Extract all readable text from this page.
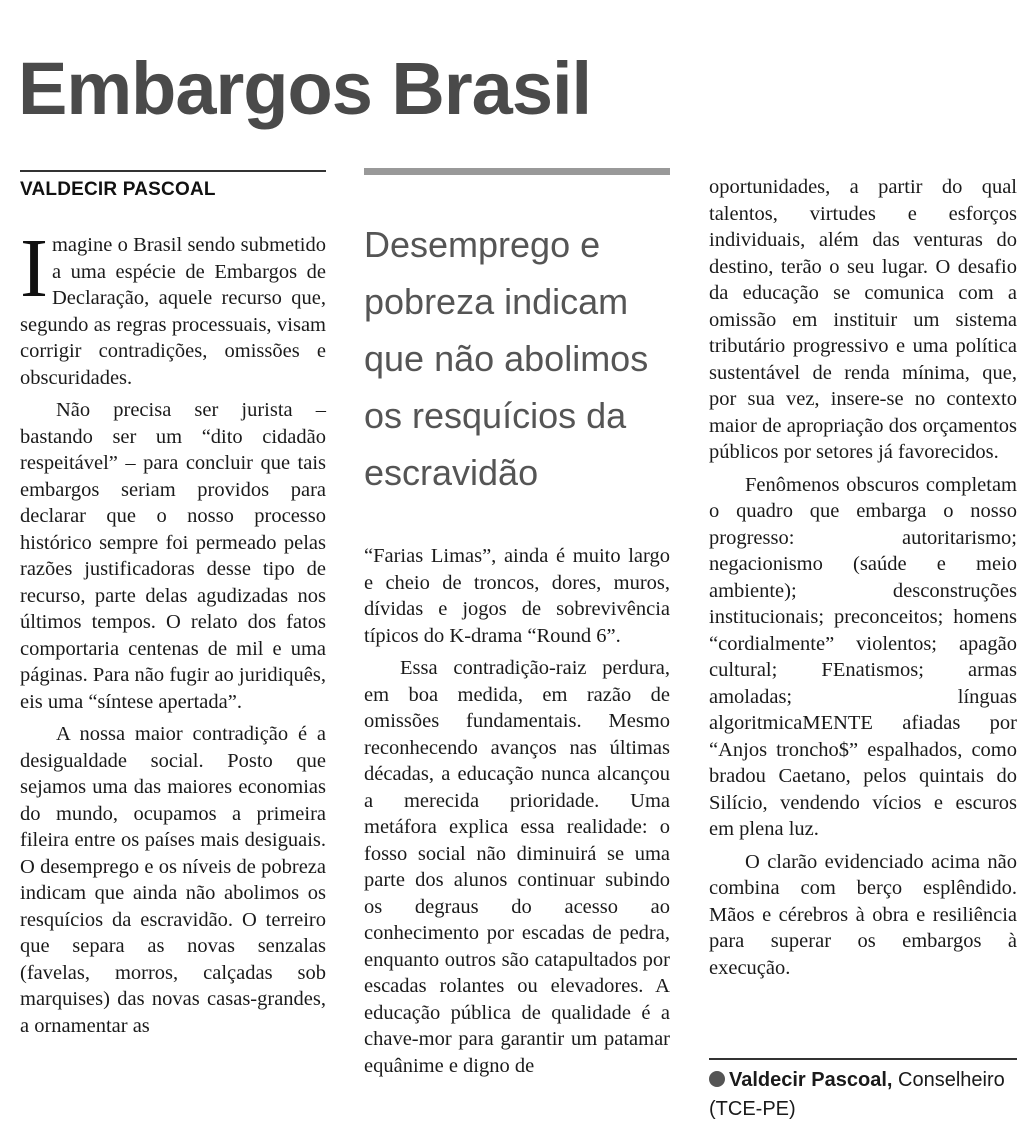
Embargos Brasil
VALDECIR PASCOAL

Imagine o Brasil sendo submetido a uma espécie de Embargos de Declaração, aquele recurso que, segundo as regras processuais, visam corrigir contradições, omissões e obscuridades.

Não precisa ser jurista – bastando ser um “dito cidadão respeitável” – para concluir que tais embargos seriam providos para declarar que o nosso processo histórico sempre foi permeado pelas razões justificadoras desse tipo de recurso, parte delas agudizadas nos últimos tempos. O relato dos fatos comportaria centenas de mil e uma páginas. Para não fugir ao juridiquês, eis uma “síntese apertada”.

A nossa maior contradição é a desigualdade social. Posto que sejamos uma das maiores economias do mundo, ocupamos a primeira fileira entre os países mais desiguais. O desemprego e os níveis de pobreza indicam que ainda não abolimos os resquícios da escravidão. O terreiro que separa as novas senzalas (favelas, morros, calçadas sob marquises) das novas casas-grandes, a ornamentar as

Desemprego e pobreza indicam que não abolimos os resquícios da escravidão

“Farias Limas”, ainda é muito largo e cheio de troncos, dores, muros, dívidas e jogos de sobrevivência típicos do K-drama “Round 6”.

Essa contradição-raiz perdura, em boa medida, em razão de omissões fundamentais. Mesmo reconhecendo avanços nas últimas décadas, a educação nunca alcançou a merecida prioridade. Uma metáfora explica essa realidade: o fosso social não diminuirá se uma parte dos alunos continuar subindo os degraus do acesso ao conhecimento por escadas de pedra, enquanto outros são catapultados por escadas rolantes ou elevadores. A educação pública de qualidade é a chave-mor para garantir um patamar equânime e digno de

oportunidades, a partir do qual talentos, virtudes e esforços individuais, além das venturas do destino, terão o seu lugar. O desafio da educação se comunica com a omissão em instituir um sistema tributário progressivo e uma política sustentável de renda mínima, que, por sua vez, insere-se no contexto maior de apropriação dos orçamentos públicos por setores já favorecidos.

Fenômenos obscuros completam o quadro que embarga o nosso progresso: autoritarismo; negacionismo (saúde e meio ambiente); desconstruções institucionais; preconceitos; homens “cordialmente” violentos; apagão cultural; FEnatismos; armas amoladas; línguas algoritmicaMENTE afiadas por “Anjos troncho$” espalhados, como bradou Caetano, pelos quintais do Silício, vendendo vícios e escuros em plena luz.

O clarão evidenciado acima não combina com berço esplêndido. Mãos e cérebros à obra e resiliência para superar os embargos à execução.

Valdecir Pascoal, Conselheiro (TCE-PE)
